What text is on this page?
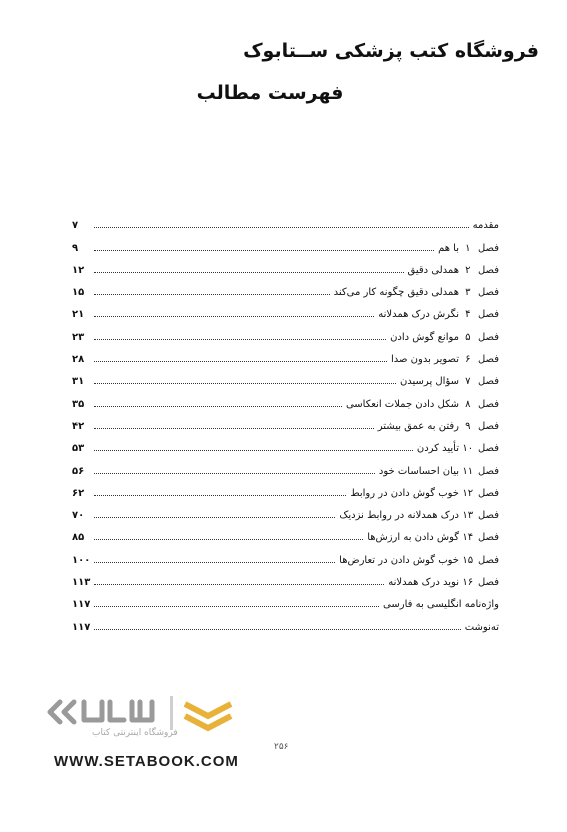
فروشگاه کتب پزشکی ســتابوک
فهرست مطالب
مقدمه
۷
فصل ۱
با هم
۹
فصل ۲
همدلی دقیق
۱۲
فصل ۳
همدلی دقیق چگونه کار می‌کند
۱۵
فصل ۴
نگرش درک همدلانه
۲۱
فصل ۵
موانع گوش دادن
۲۳
فصل ۶
تصویر بدون صدا
۲۸
فصل ۷
سؤال پرسیدن
۳۱
فصل ۸
شکل دادن جملات انعکاسی
۳۵
فصل ۹
رفتن به عمق بیشتر
۴۲
فصل ۱۰
تأیید کردن
۵۳
فصل ۱۱
بیان احساسات خود
۵۶
فصل ۱۲
خوب گوش دادن در روابط
۶۲
فصل ۱۳
درک همدلانه در روابط نزدیک
۷۰
فصل ۱۴
گوش دادن به ارزش‌ها
۸۵
فصل ۱۵
خوب گوش دادن در تعارض‌ها
۱۰۰
فصل ۱۶
نوید درک همدلانه
۱۱۳
واژه‌نامه انگلیسی به فارسی
۱۱۷
تەنوشت
۱۱۷
۲۵۶
فروشگاه اینترنتی کتاب
WWW.SETABOOK.COM
